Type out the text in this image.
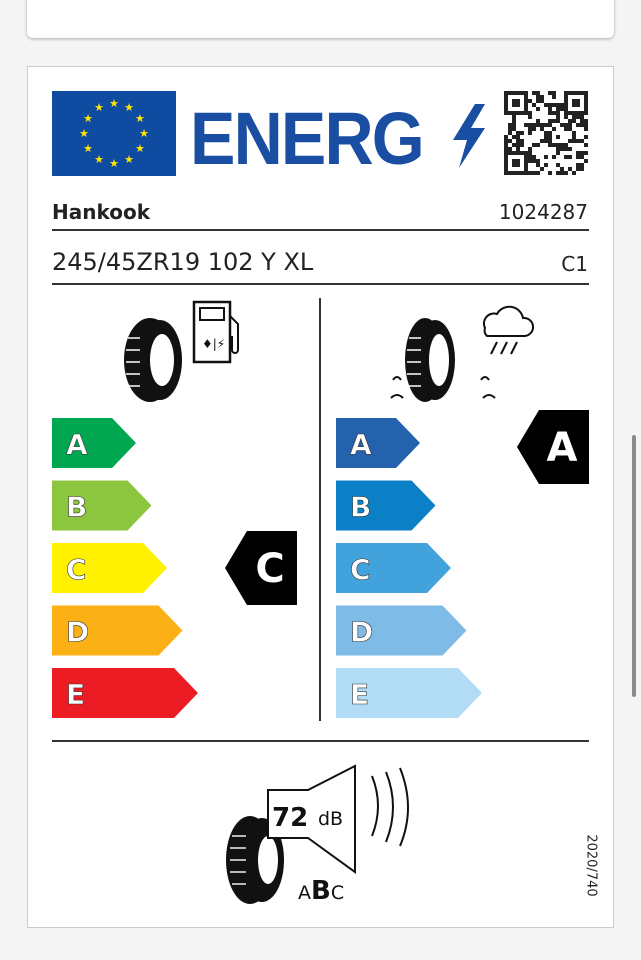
★ ★
★
★
★
★
★
★
★
★
★
★ ENERG
Hankook	1024287
245/45ZR19 102 Y XL	C1
♦|⚡
A
B
C
D
E
A
B
C
D
E
C
A
72 dB
ABC	2020/740
